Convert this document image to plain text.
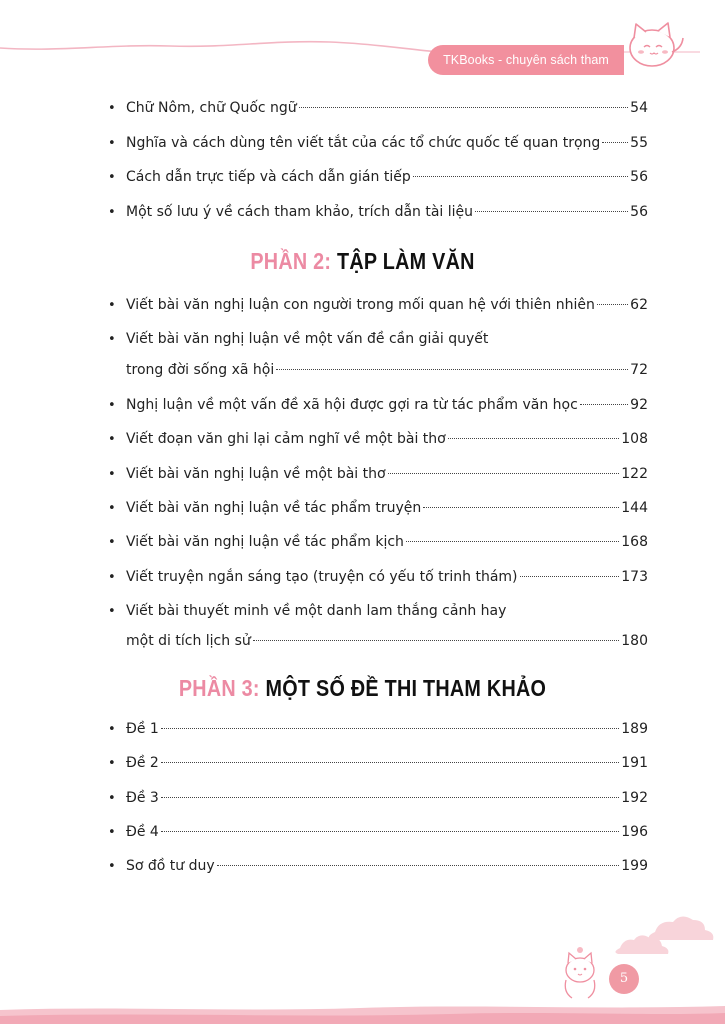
TKBooks - chuyên sách tham khảo
• Chữ Nôm, chữ Quốc ngữ	54
• Nghĩa và cách dùng tên viết tắt của các tổ chức quốc tế quan trọng 55
• Cách dẫn trực tiếp và cách dẫn gián tiếp	56
• Một số lưu ý về cách tham khảo, trích dẫn tài liệu	56
PHẦN 2: TẬP LÀM VĂN
• Viết bài văn nghị luận con người trong mối quan hệ với thiên nhiên	62
• Viết bài văn nghị luận về một vấn đề cần giải quyết
trong đời sống xã hội	72
• Nghị luận về một vấn đề xã hội được gợi ra từ tác phẩm văn học	92
• Viết đoạn văn ghi lại cảm nghĩ về một bài thơ	108
• Viết bài văn nghị luận về một bài thơ	122
• Viết bài văn nghị luận về tác phẩm truyện	144
• Viết bài văn nghị luận về tác phẩm kịch	168
• Viết truyện ngắn sáng tạo (truyện có yếu tố trinh thám)	173
• Viết bài thuyết minh về một danh lam thắng cảnh hay
một di tích lịch sử	180
PHẦN 3: MỘT SỐ ĐỀ THI THAM KHẢO
• Đề 1	189
• Đề 2	191
• Đề 3	192
• Đề 4	196
• Sơ đồ tư duy	199
5
